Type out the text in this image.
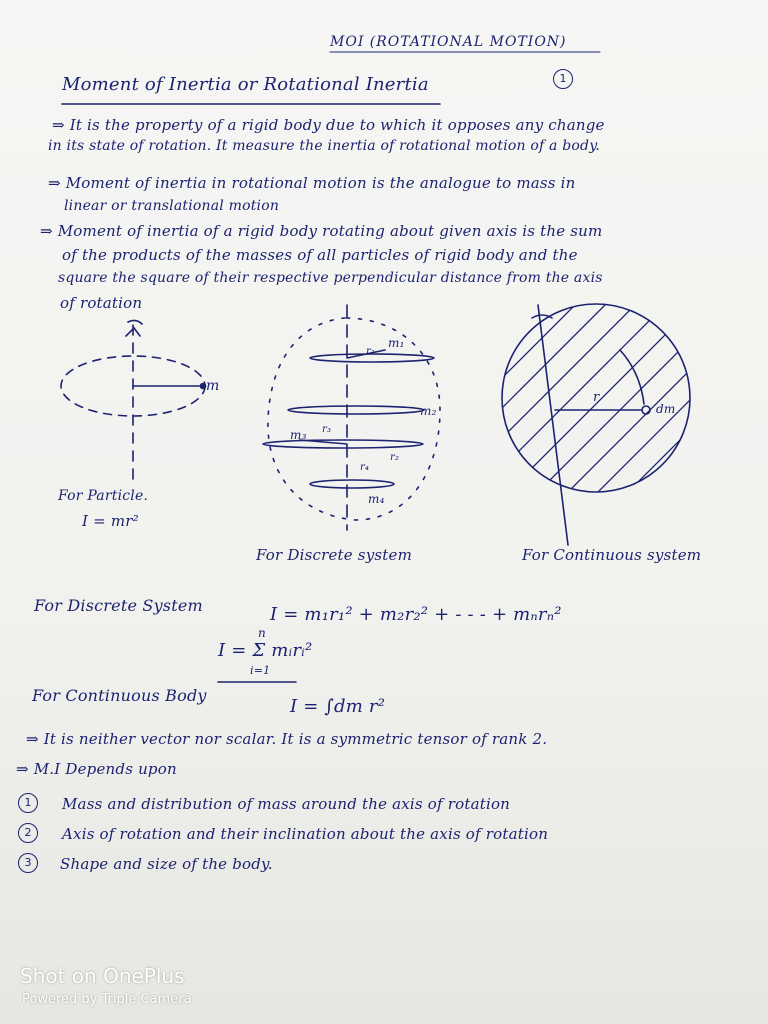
MOI (ROTATIONAL MOTION)
Moment of Inertia or Rotational Inertia	1
⇒ It is the property of a rigid body due to which it opposes any change
in its state of rotation. It measure the inertia of rotational motion of a body.
⇒ Moment of inertia in rotational motion is the analogue to mass in
linear or translational motion
⇒ Moment of inertia of a rigid body rotating about given axis is the sum
of the products of the masses of all particles of rigid body and the
square the square of their respective perpendicular distance from the axis
of rotation
m
For Particle.
I = mr²
m₁
r₁
m₂
m₃ r₃
r₂
r₄
m₄
For Discrete system
r
dm
For Continuous system
For Discrete System	I = m₁r₁² + m₂r₂² + - - - + mₙrₙ²
n
I = Σ mᵢrᵢ²
i=1
For Continuous Body
I = ∫dm r²
⇒ It is neither vector nor scalar. It is a symmetric tensor of rank 2.
⇒ M.I Depends upon
1	Mass and distribution of mass around the axis of rotation
2	Axis of rotation and their inclination about the axis of rotation
3	Shape and size of the body.
Shot on OnePlus
Powered by Triple Camera
